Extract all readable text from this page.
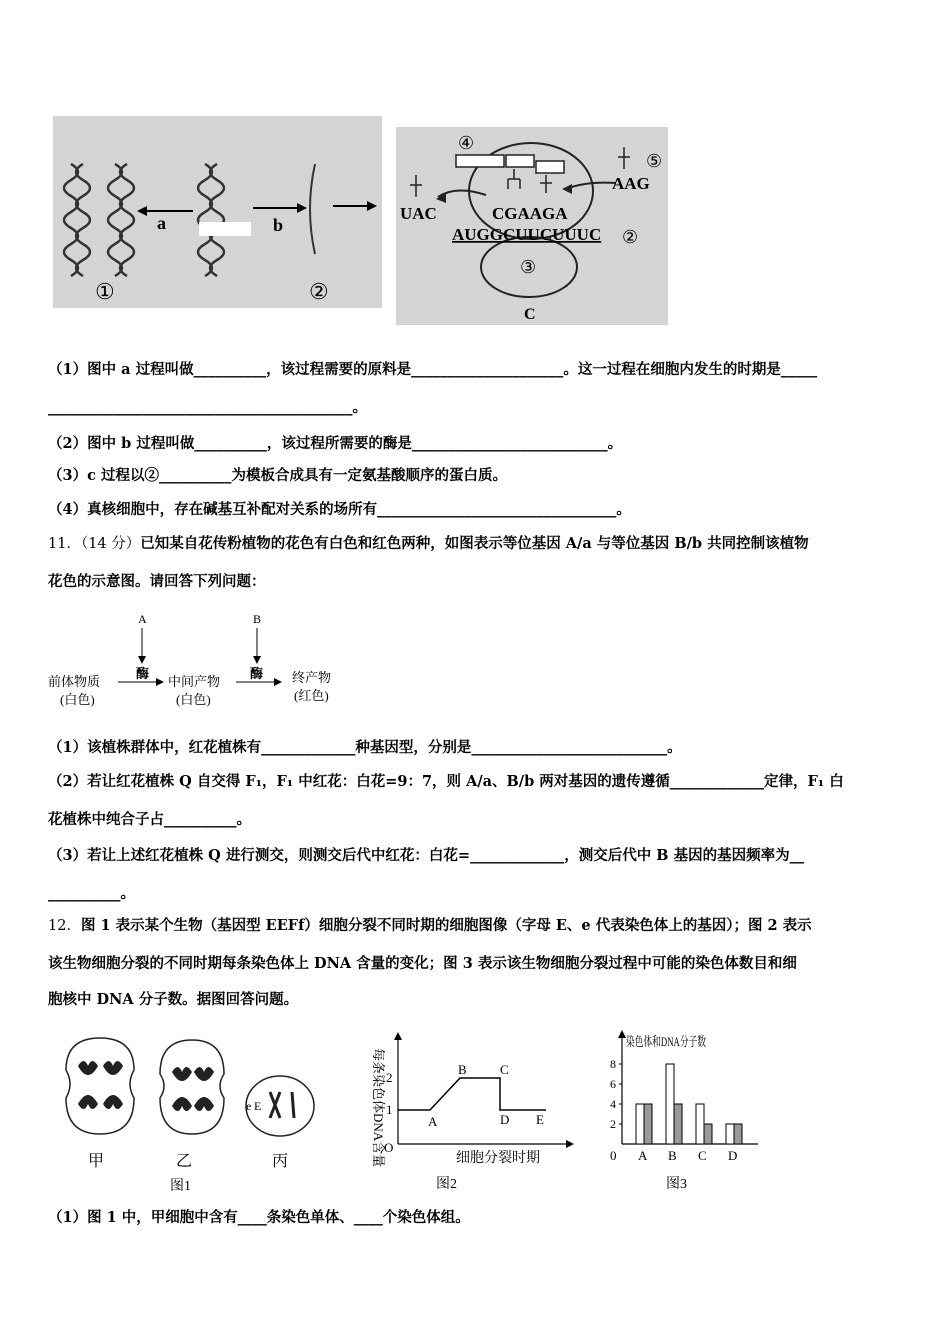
a	b
①	②
④
⑤
UAC
AAG
CGAAGA
AUGGCUUCUUUC ②
③
C
（1）图中 a 过程叫做__________，该过程需要的原料是_____________________。这一过程在细胞内发生的时期是_____
__________________________________________。
（2）图中 b 过程叫做__________，该过程所需要的酶是___________________________。
（3）c 过程以②__________为模板合成具有一定氨基酸顺序的蛋白质。
（4）真核细胞中，存在碱基互补配对关系的场所有_________________________________。
11．（14 分）已知某自花传粉植物的花色有白色和红色两种，如图表示等位基因 A/a 与等位基因 B/b 共同控制该植物
花色的示意图。请回答下列问题：
A	B
酶	酶
前体物质
(白色)
中间产物
(白色)
终产物
(红色)
（1）该植株群体中，红花植株有_____________种基因型，分别是___________________________。
（2）若让红花植株 Q 自交得 F₁，F₁ 中红花：白花=9：7，则 A/a、B/b 两对基因的遗传遵循_____________定律，F₁ 白
花植株中纯合子占__________。
（3）若让上述红花植株 Q 进行测交，则测交后代中红花：白花=_____________，测交后代中 B 基因的基因频率为__
__________。
12．图 1 表示某个生物（基因型 EEFf）细胞分裂不同时期的细胞图像（字母 E、e 代表染色体上的基因）；图 2 表示
该生物细胞分裂的不同时期每条染色体上 DNA 含量的变化；图 3 表示该生物细胞分裂过程中可能的染色体数目和细
胞核中 DNA 分子数。据图回答问题。
e E
甲	乙	丙
图1
每条染色体DNA含量
O
1
2
A
B	C
D E
细胞分裂时期
图2
染色体和DNA分子数
2
4
6
8
A B C D
0
图3
（1）图 1 中，甲细胞中含有____条染色单体、____个染色体组。
